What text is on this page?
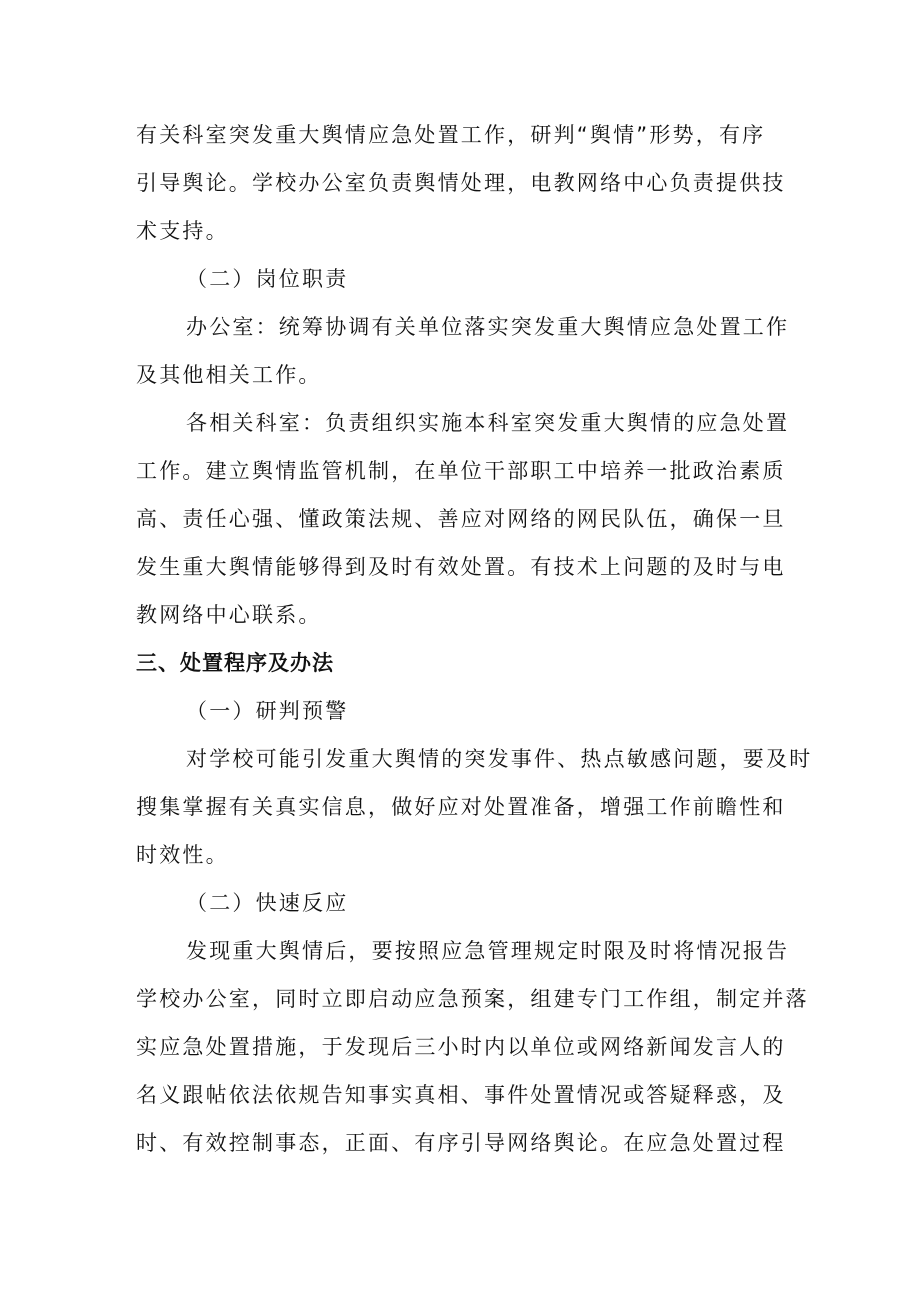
有关科室突发重大舆情应急处置工作，研判“舆情”形势，有序
引导舆论。学校办公室负责舆情处理，电教网络中心负责提供技
术支持。
（二）岗位职责
办公室：统筹协调有关单位落实突发重大舆情应急处置工作
及其他相关工作。
各相关科室：负责组织实施本科室突发重大舆情的应急处置
工作。建立舆情监管机制，在单位干部职工中培养一批政治素质
高、责任心强、懂政策法规、善应对网络的网民队伍，确保一旦
发生重大舆情能够得到及时有效处置。有技术上问题的及时与电
教网络中心联系。
三、处置程序及办法
（一）研判预警
对学校可能引发重大舆情的突发事件、热点敏感问题，要及时
搜集掌握有关真实信息，做好应对处置准备，增强工作前瞻性和
时效性。
（二）快速反应
发现重大舆情后，要按照应急管理规定时限及时将情况报告
学校办公室，同时立即启动应急预案，组建专门工作组，制定并落
实应急处置措施，于发现后三小时内以单位或网络新闻发言人的
名义跟帖依法依规告知事实真相、事件处置情况或答疑释惑，及
时、有效控制事态，正面、有序引导网络舆论。在应急处置过程
